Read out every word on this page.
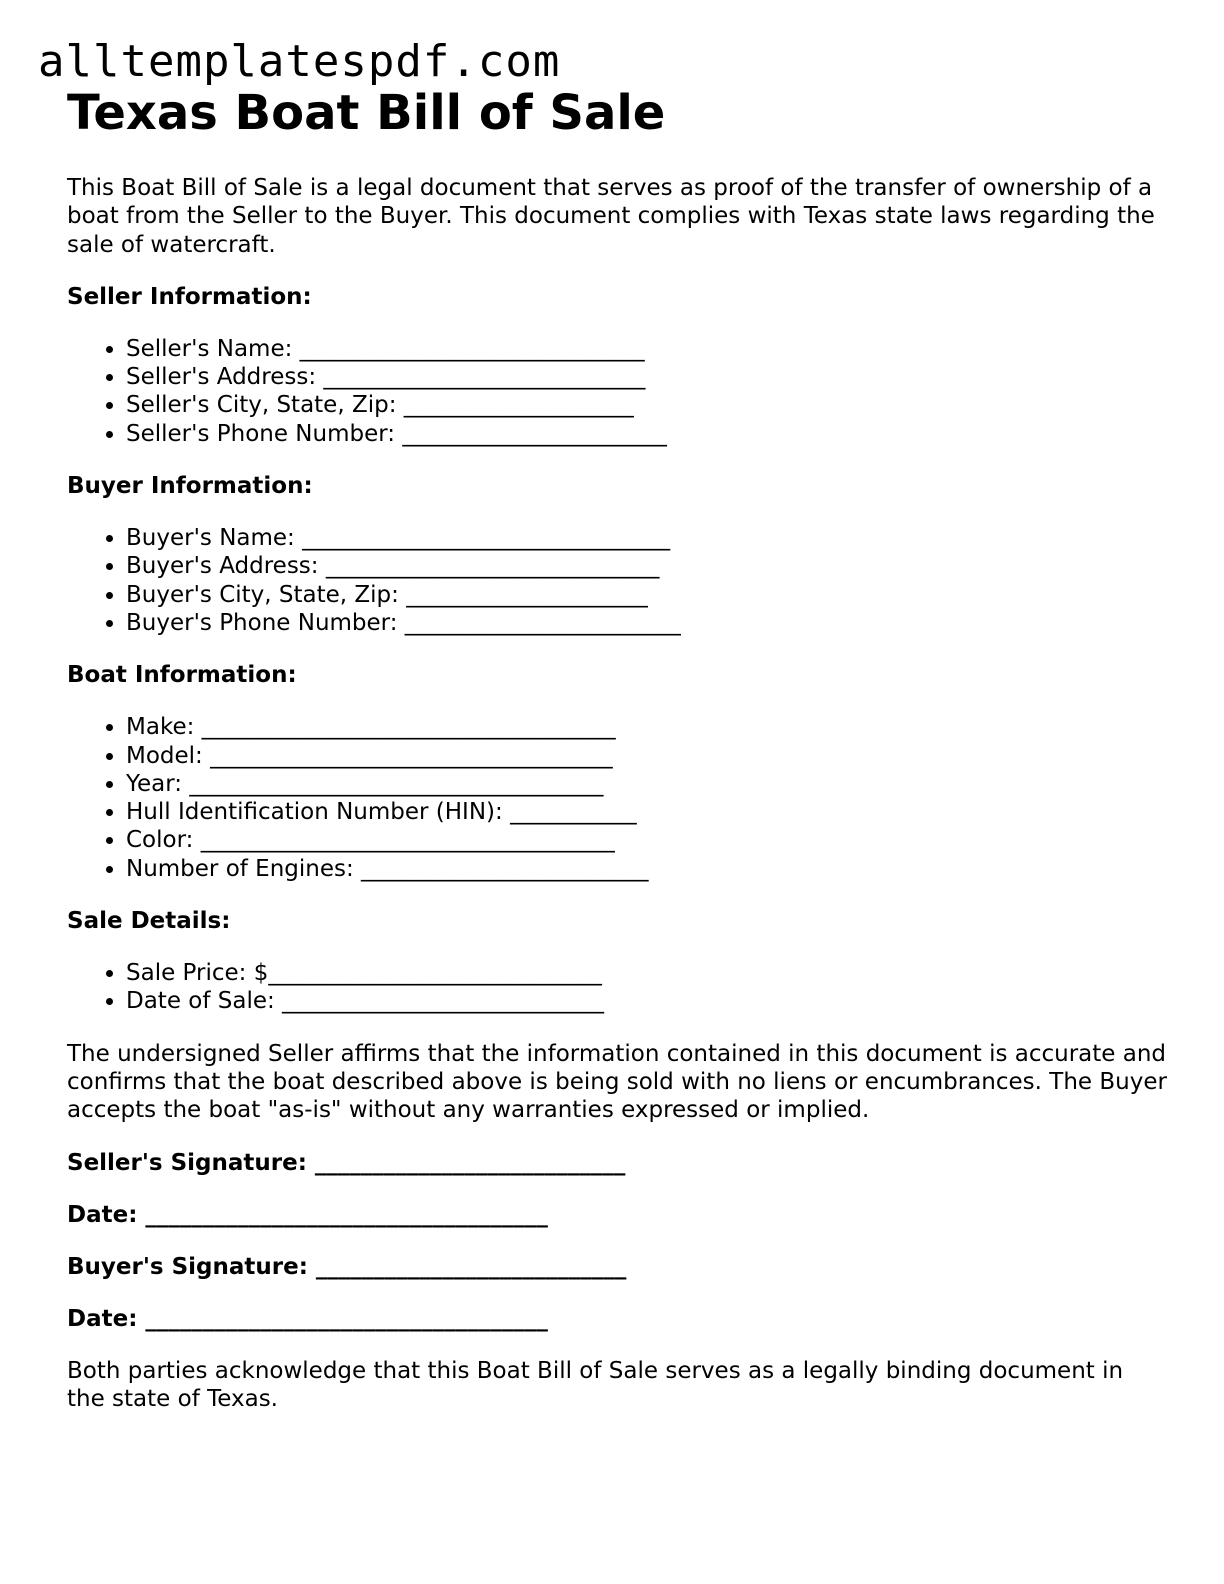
alltemplatespdf.com
Texas Boat Bill of Sale

This Boat Bill of Sale is a legal document that serves as proof of the transfer of ownership of a boat from the Seller to the Buyer. This document complies with Texas state laws regarding the sale of watercraft.

Seller Information:
• Seller's Name: ______________________________
• Seller's Address: ____________________________
• Seller's City, State, Zip: ____________________
• Seller's Phone Number: _______________________
Buyer Information:
• Buyer's Name: ________________________________
• Buyer's Address: _____________________________
• Buyer's City, State, Zip: _____________________
• Buyer's Phone Number: ________________________
Boat Information:
• Make: ____________________________________
• Model: ___________________________________
• Year: ____________________________________
• Hull Identification Number (HIN): ___________
• Color: ____________________________________
• Number of Engines: _________________________
Sale Details:
• Sale Price: $_____________________________
• Date of Sale: ____________________________

The undersigned Seller affirms that the information contained in this document is accurate and confirms that the boat described above is being sold with no liens or encumbrances. The Buyer accepts the boat "as-is" without any warranties expressed or implied.

Seller's Signature: ___________________________
Date: ___________________________________
Buyer's Signature: ___________________________
Date: ___________________________________

Both parties acknowledge that this Boat Bill of Sale serves as a legally binding document in the state of Texas.
